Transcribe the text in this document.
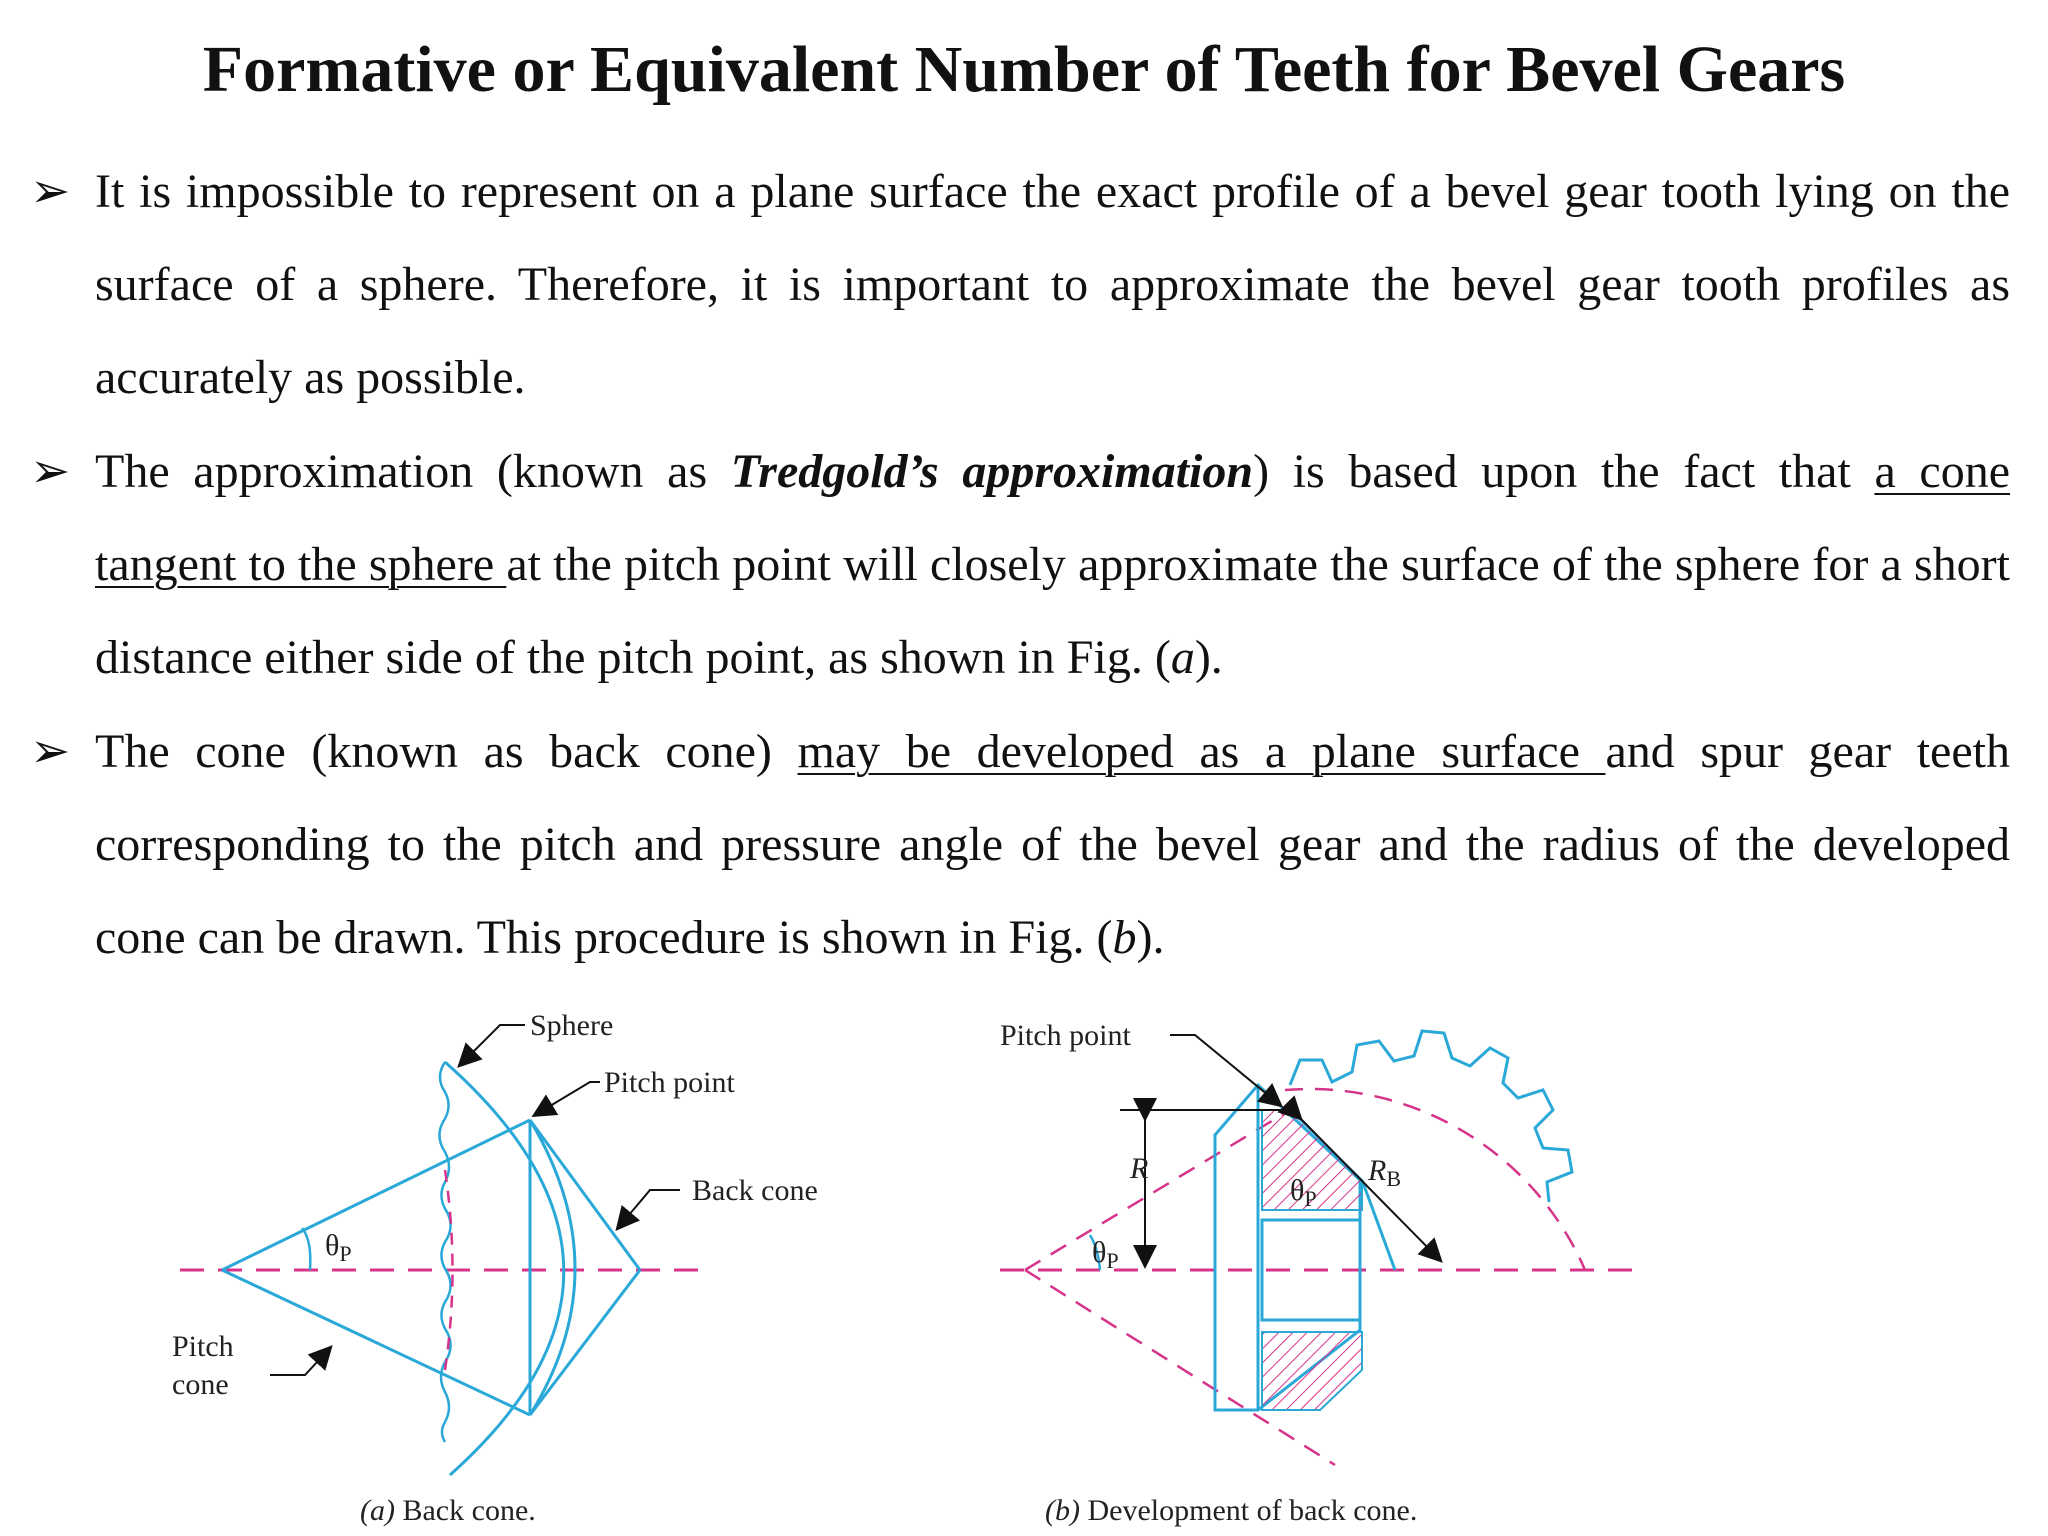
Formative or Equivalent Number of Teeth for Bevel Gears
➢ It is impossible to represent on a plane surface the exact profile of a bevel gear tooth lying on the surface of a sphere. Therefore, it is important to approximate the bevel gear tooth profiles as accurately as possible.
➢ The approximation (known as Tredgold’s approximation) is based upon the fact that a cone tangent to the sphere at the pitch point will closely approximate the surface of the sphere for a short distance either side of the pitch point, as shown in Fig. (a).
➢ The cone (known as back cone) may be developed as a plane surface and spur gear teeth corresponding to the pitch and pressure angle of the bevel gear and the radius of the developed cone can be drawn. This procedure is shown in Fig. (b).
$\theta_P$
Sphere
Pitch point
Back cone
Pitch
cone
(a) Back cone.
R
Pitch point
$R_B$
$\theta_P$
$\theta_P$
(b) Development of back cone.
